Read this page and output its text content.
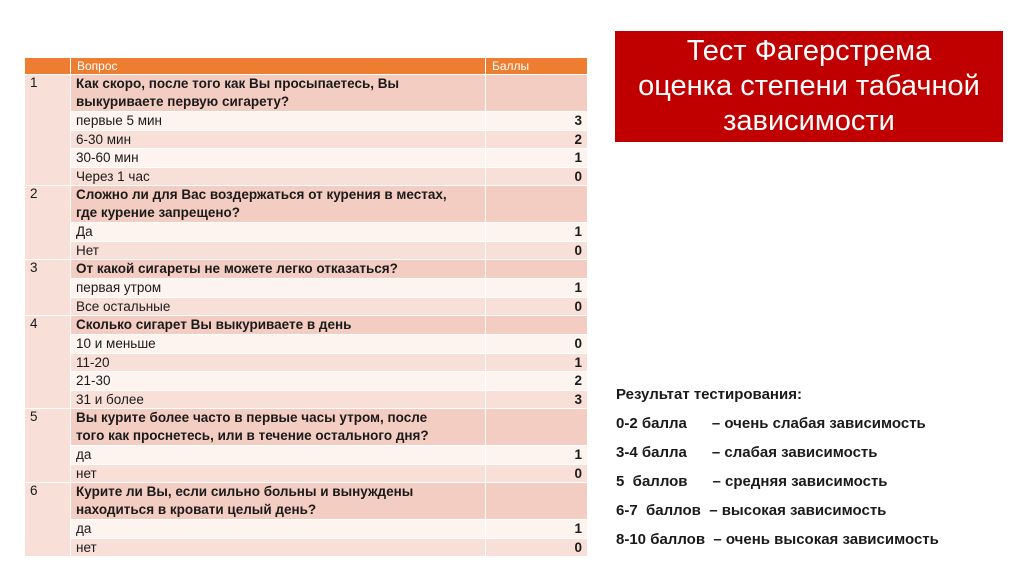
	Вопрос	Баллы
1	Как скоро, после того как Вы просыпаетесь, Вы
выкуриваете первую сигарету?	
	первые 5 мин	3
	6-30 мин	2
	30-60 мин	1
	Через 1 час	0
2	Сложно ли для Вас воздержаться от курения в местах,
где курение запрещено?	
	Да	1
	Нет	0
3	От какой сигареты не можете легко отказаться?	
	первая утром	1
	Все остальные	0
4	Сколько сигарет Вы выкуриваете в день	
	10 и меньше	0
	11-20	1
	21-30	2
	31 и более	3
5	Вы курите более часто в первые часы утром, после
того как проснетесь, или в течение остального дня?	
	да	1
	нет	0
6	Курите ли Вы, если сильно больны и вынуждены
находиться в кровати целый день?	
	да	1
	нет	0
Тест Фагерстрема
оценка степени табачной
зависимости
Результат тестирования:
0-2 балла      – очень слабая зависимость
3-4 балла      – слабая зависимость
5  баллов      – средняя зависимость
6-7  баллов  – высокая зависимость
8-10 баллов  – очень высокая зависимость
